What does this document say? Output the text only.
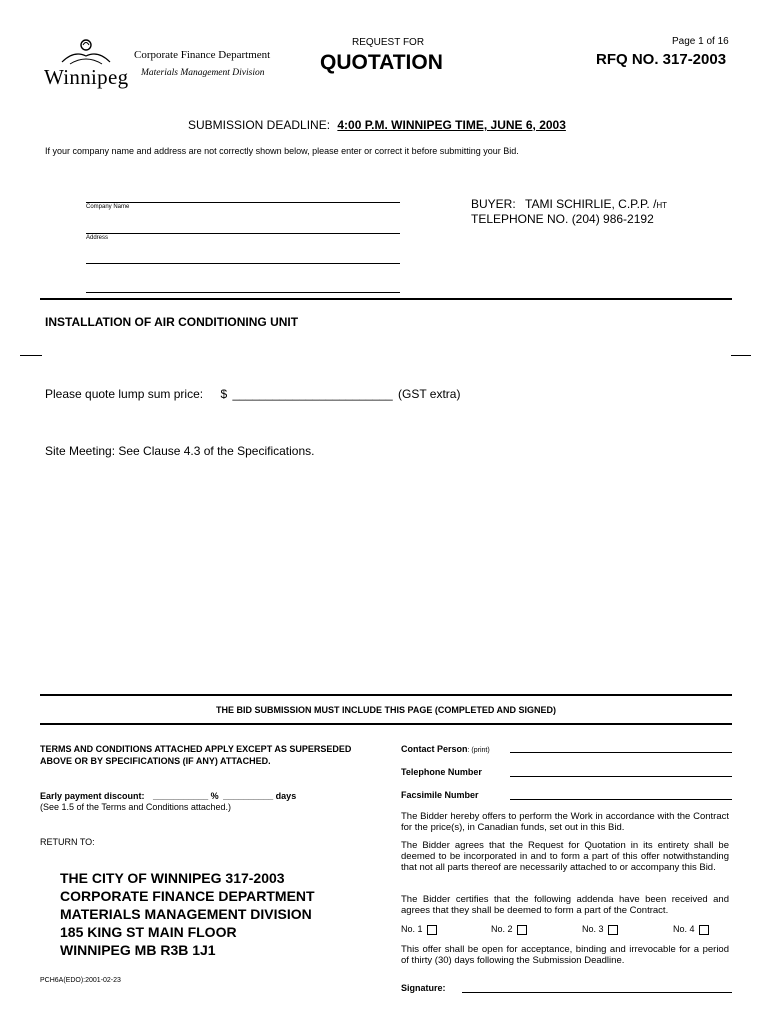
Winnipeg
Corporate Finance Department
Materials Management Division
REQUEST FOR
QUOTATION
Page 1 of 16
RFQ NO. 317-2003
SUBMISSION DEADLINE: 4:00 P.M. WINNIPEG TIME, JUNE 6, 2003
If your company name and address are not correctly shown below, please enter or correct it before submitting your Bid.
Company Name
Address
BUYER: TAMI SCHIRLIE, C.P.P. /ht
TELEPHONE NO. (204) 986-2192
INSTALLATION OF AIR CONDITIONING UNIT
Please quote lump sum price: $ ________________________ (GST extra)
Site Meeting: See Clause 4.3 of the Specifications.
THE BID SUBMISSION MUST INCLUDE THIS PAGE (COMPLETED AND SIGNED)
TERMS AND CONDITIONS ATTACHED APPLY EXCEPT AS SUPERSEDED ABOVE OR BY SPECIFICATIONS (IF ANY) ATTACHED.
Early payment discount: ___________ % __________ days
(See 1.5 of the Terms and Conditions attached.)
RETURN TO:
THE CITY OF WINNIPEG 317-2003
CORPORATE FINANCE DEPARTMENT
MATERIALS MANAGEMENT DIVISION
185 KING ST MAIN FLOOR
WINNIPEG MB R3B 1J1
PCH6A(EDO):2001-02-23
Contact Person: (print)
Telephone Number
Facsimile Number
The Bidder hereby offers to perform the Work in accordance with the Contract for the price(s), in Canadian funds, set out in this Bid.
The Bidder agrees that the Request for Quotation in its entirety shall be deemed to be incorporated in and to form a part of this offer notwithstanding that not all parts thereof are necessarily attached to or accompany this Bid.
The Bidder certifies that the following addenda have been received and agrees that they shall be deemed to form a part of the Contract.
No. 1	No. 2	No. 3	No. 4
This offer shall be open for acceptance, binding and irrevocable for a period of thirty (30) days following the Submission Deadline.
Signature:
